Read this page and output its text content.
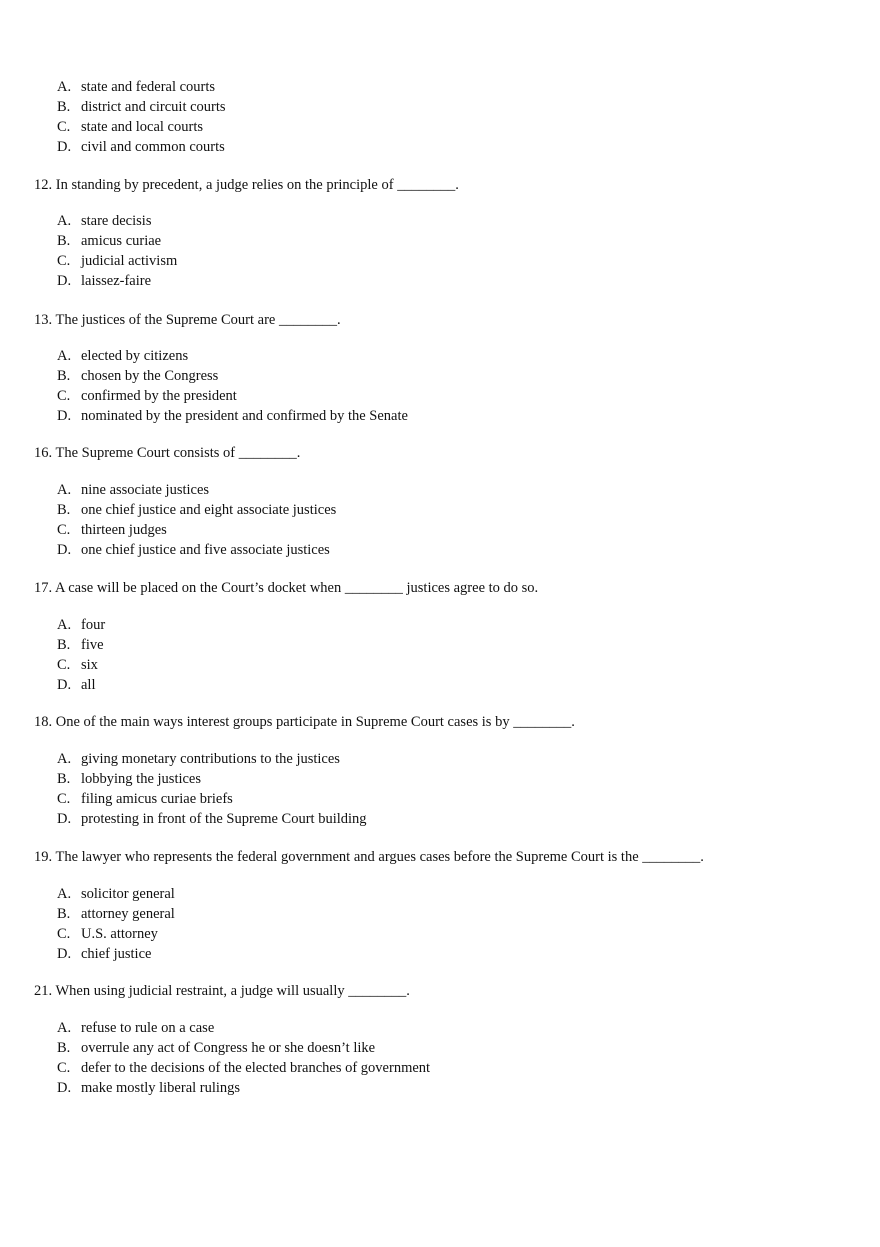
A. state and federal courts
B. district and circuit courts
C. state and local courts
D. civil and common courts
12. In standing by precedent, a judge relies on the principle of ________.
A. stare decisis
B. amicus curiae
C. judicial activism
D. laissez-faire
13. The justices of the Supreme Court are ________.
A. elected by citizens
B. chosen by the Congress
C. confirmed by the president
D. nominated by the president and confirmed by the Senate
16. The Supreme Court consists of ________.
A. nine associate justices
B. one chief justice and eight associate justices
C. thirteen judges
D. one chief justice and five associate justices
17. A case will be placed on the Court’s docket when ________ justices agree to do so.
A. four
B. five
C. six
D. all
18. One of the main ways interest groups participate in Supreme Court cases is by ________.
A. giving monetary contributions to the justices
B. lobbying the justices
C. filing amicus curiae briefs
D. protesting in front of the Supreme Court building
19. The lawyer who represents the federal government and argues cases before the Supreme Court is the ________.
A. solicitor general
B. attorney general
C. U.S. attorney
D. chief justice
21. When using judicial restraint, a judge will usually ________.
A. refuse to rule on a case
B. overrule any act of Congress he or she doesn’t like
C. defer to the decisions of the elected branches of government
D. make mostly liberal rulings
